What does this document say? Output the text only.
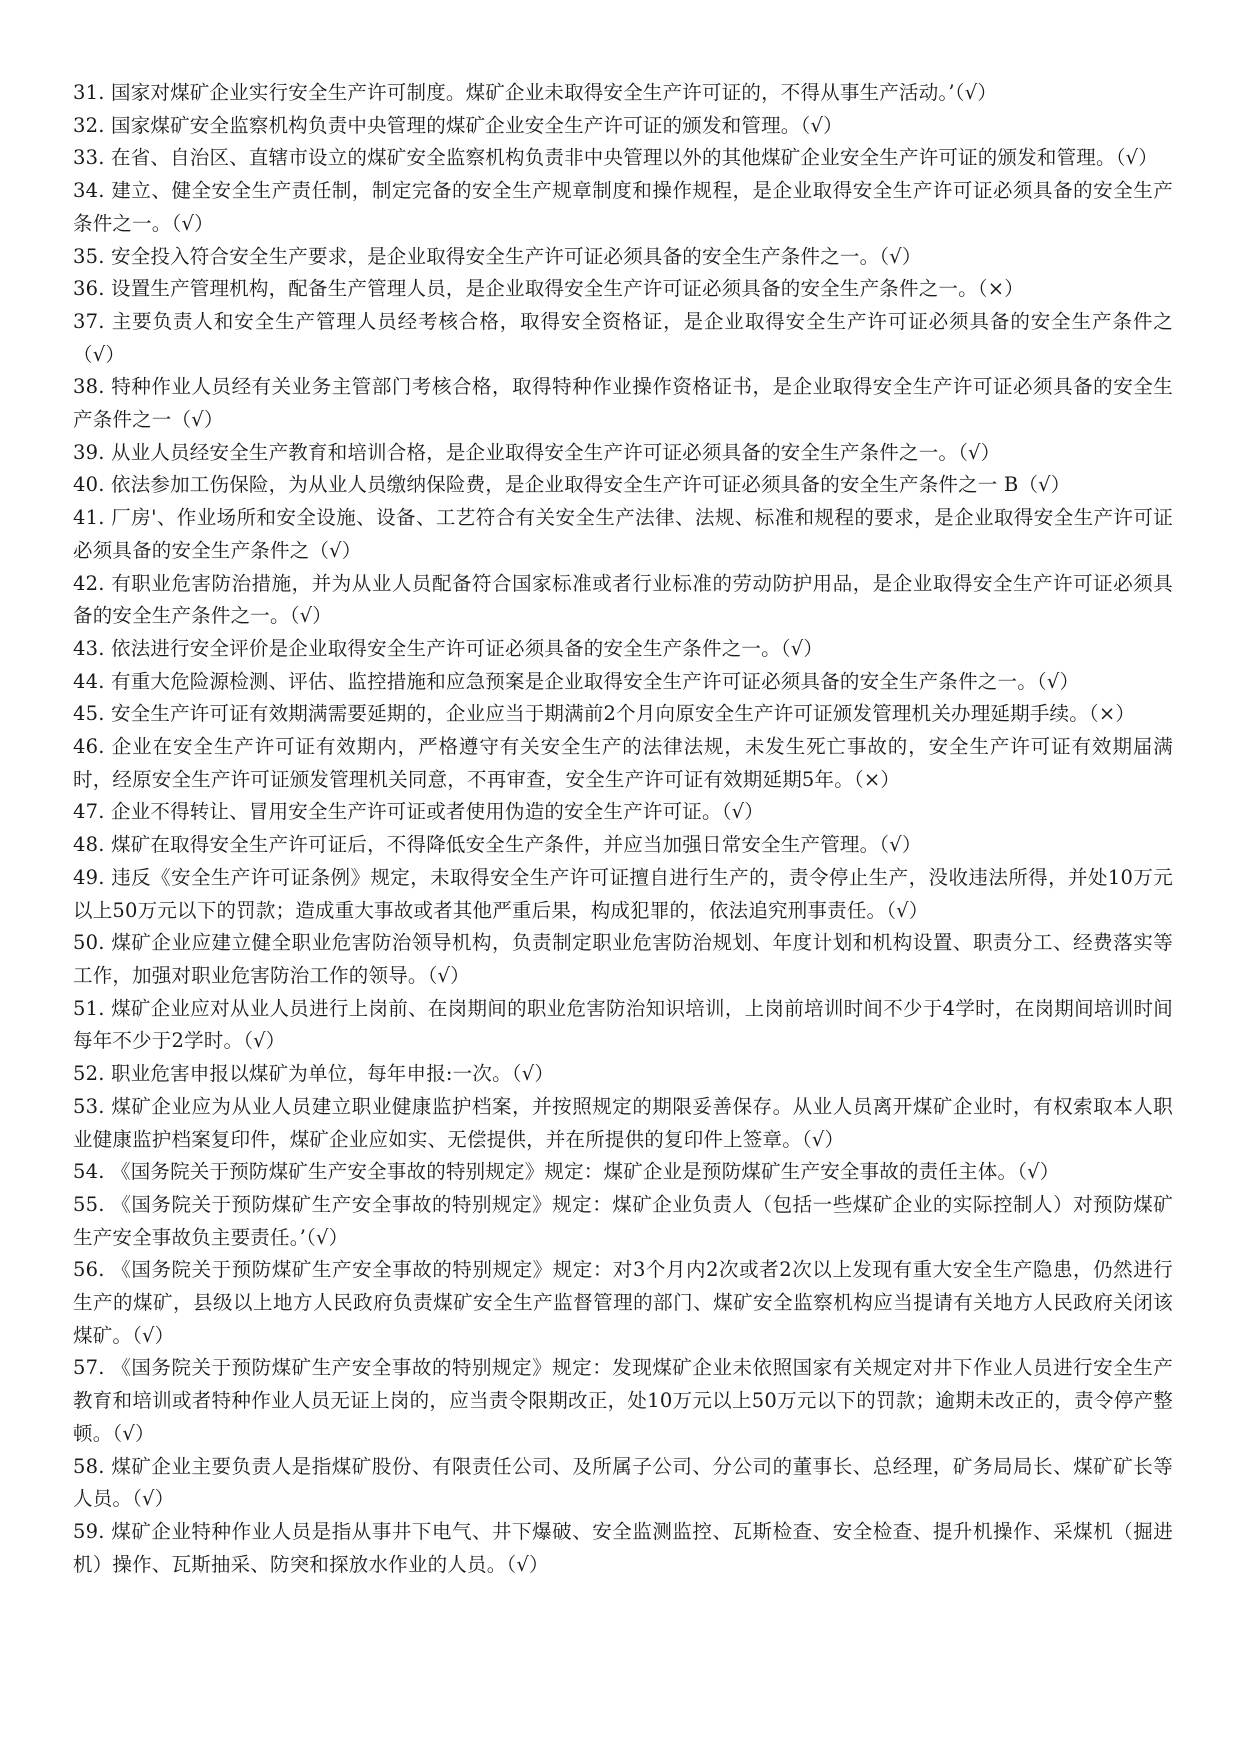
31. 国家对煤矿企业实行安全生产许可制度。煤矿企业未取得安全生产许可证的，不得从事生产活动。’（√）

32. 国家煤矿安全监察机构负责中央管理的煤矿企业安全生产许可证的颁发和管理。（√）

33. 在省、自治区、直辖市设立的煤矿安全监察机构负责非中央管理以外的其他煤矿企业安全生产许可证的颁发和管理。（√）

34. 建立、健全安全生产责任制，制定完备的安全生产规章制度和操作规程，是企业取得安全生产许可证必须具备的安全生产条件之一。（√）

35. 安全投入符合安全生产要求，是企业取得安全生产许可证必须具备的安全生产条件之一。（√）

36. 设置生产管理机构，配备生产管理人员，是企业取得安全生产许可证必须具备的安全生产条件之一。（×）

37. 主要负责人和安全生产管理人员经考核合格，取得安全资格证，是企业取得安全生产许可证必须具备的安全生产条件之（√）

38. 特种作业人员经有关业务主管部门考核合格，取得特种作业操作资格证书，是企业取得安全生产许可证必须具备的安全生产条件之一（√）

39. 从业人员经安全生产教育和培训合格，是企业取得安全生产许可证必须具备的安全生产条件之一。（√）

40. 依法参加工伤保险，为从业人员缴纳保险费，是企业取得安全生产许可证必须具备的安全生产条件之一 B（√）

41. 厂房'、作业场所和安全设施、设备、工艺符合有关安全生产法律、法规、标准和规程的要求，是企业取得安全生产许可证必须具备的安全生产条件之（√）

42. 有职业危害防治措施，并为从业人员配备符合国家标准或者行业标准的劳动防护用品，是企业取得安全生产许可证必须具备的安全生产条件之一。（√）

43. 依法进行安全评价是企业取得安全生产许可证必须具备的安全生产条件之一。（√）

44. 有重大危险源检测、评估、监控措施和应急预案是企业取得安全生产许可证必须具备的安全生产条件之一。（√）

45. 安全生产许可证有效期满需要延期的，企业应当于期满前2个月向原安全生产许可证颁发管理机关办理延期手续。（×）

46. 企业在安全生产许可证有效期内，严格遵守有关安全生产的法律法规，未发生死亡事故的，安全生产许可证有效期届满时，经原安全生产许可证颁发管理机关同意，不再审查，安全生产许可证有效期延期5年。（×）

47. 企业不得转让、冒用安全生产许可证或者使用伪造的安全生产许可证。（√）

48. 煤矿在取得安全生产许可证后，不得降低安全生产条件，并应当加强日常安全生产管理。（√）

49. 违反《安全生产许可证条例》规定，未取得安全生产许可证擅自进行生产的，责令停止生产，没收违法所得，并处10万元以上50万元以下的罚款；造成重大事故或者其他严重后果，构成犯罪的，依法追究刑事责任。（√）

50. 煤矿企业应建立健全职业危害防治领导机构，负责制定职业危害防治规划、年度计划和机构设置、职责分工、经费落实等工作，加强对职业危害防治工作的领导。（√）

51. 煤矿企业应对从业人员进行上岗前、在岗期间的职业危害防治知识培训，上岗前培训时间不少于4学时，在岗期间培训时间每年不少于2学时。（√）

52. 职业危害申报以煤矿为单位，每年申报:一次。（√）

53. 煤矿企业应为从业人员建立职业健康监护档案，并按照规定的期限妥善保存。从业人员离开煤矿企业时，有权索取本人职业健康监护档案复印件，煤矿企业应如实、无偿提供，并在所提供的复印件上签章。（√）

54. 《国务院关于预防煤矿生产安全事故的特别规定》规定：煤矿企业是预防煤矿生产安全事故的责任主体。（√）

55. 《国务院关于预防煤矿生产安全事故的特别规定》规定：煤矿企业负责人（包括一些煤矿企业的实际控制人）对预防煤矿生产安全事故负主要责任。’（√）

56. 《国务院关于预防煤矿生产安全事故的特别规定》规定：对3个月内2次或者2次以上发现有重大安全生产隐患，仍然进行生产的煤矿，县级以上地方人民政府负责煤矿安全生产监督管理的部门、煤矿安全监察机构应当提请有关地方人民政府关闭该煤矿。（√）

57. 《国务院关于预防煤矿生产安全事故的特别规定》规定：发现煤矿企业未依照国家有关规定对井下作业人员进行安全生产教育和培训或者特种作业人员无证上岗的，应当责令限期改正，处10万元以上50万元以下的罚款；逾期未改正的，责令停产整顿。（√）

58. 煤矿企业主要负责人是指煤矿股份、有限责任公司、及所属子公司、分公司的董事长、总经理，矿务局局长、煤矿矿长等人员。（√）

59. 煤矿企业特种作业人员是指从事井下电气、井下爆破、安全监测监控、瓦斯检查、安全检查、提升机操作、采煤机（掘进机）操作、瓦斯抽采、防突和探放水作业的人员。（√）
